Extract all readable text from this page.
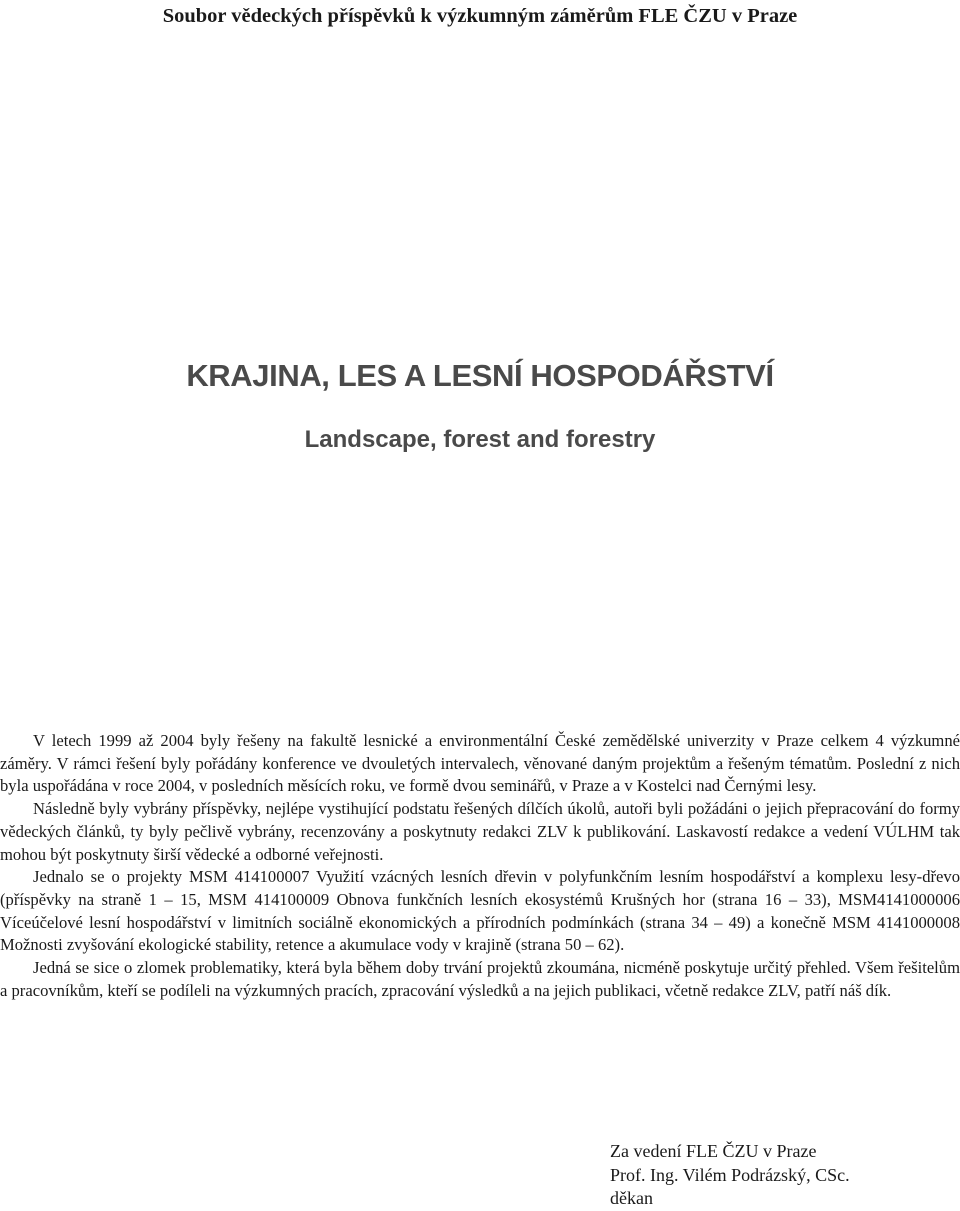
Soubor vědeckých příspěvků k výzkumným záměrům FLE ČZU v Praze
KRAJINA, LES A LESNÍ HOSPODÁŘSTVÍ
Landscape, forest and forestry

V letech 1999 až 2004 byly řešeny na fakultě lesnické a environmentální České zemědělské univerzity v Praze celkem 4 výzkumné záměry. V rámci řešení byly pořádány konference ve dvouletých intervalech, věnované daným projektům a řešeným tématům. Poslední z nich byla uspořádána v roce 2004, v posledních měsících roku, ve formě dvou seminářů, v Praze a v Kostelci nad Černými lesy.

Následně byly vybrány příspěvky, nejlépe vystihující podstatu řešených dílčích úkolů, autoři byli požádáni o jejich přepracování do formy vědeckých článků, ty byly pečlivě vybrány, recenzovány a poskytnuty redakci ZLV k publikování. Laskavostí redakce a vedení VÚLHM tak mohou být poskytnuty širší vědecké a odborné veřejnosti.

Jednalo se o projekty MSM 414100007 Využití vzácných lesních dřevin v polyfunkčním lesním hospodářství a komplexu lesy-dřevo (příspěvky na straně 1 – 15, MSM 414100009 Obnova funkčních lesních ekosystémů Krušných hor (strana 16 – 33), MSM4141000006 Víceúčelové lesní hospodářství v limitních sociálně ekonomických a přírodních podmínkách (strana 34 – 49) a konečně MSM 4141000008 Možnosti zvyšování ekologické stability, retence a akumulace vody v krajině (strana 50 – 62).

Jedná se sice o zlomek problematiky, která byla během doby trvání projektů zkoumána, nicméně poskytuje určitý přehled. Všem řešitelům a pracovníkům, kteří se podíleli na výzkumných pracích, zpracování výsledků a na jejich publikaci, včetně redakce ZLV, patří náš dík.

Za vedení FLE ČZU v Praze
Prof. Ing. Vilém Podrázský, CSc.
děkan
